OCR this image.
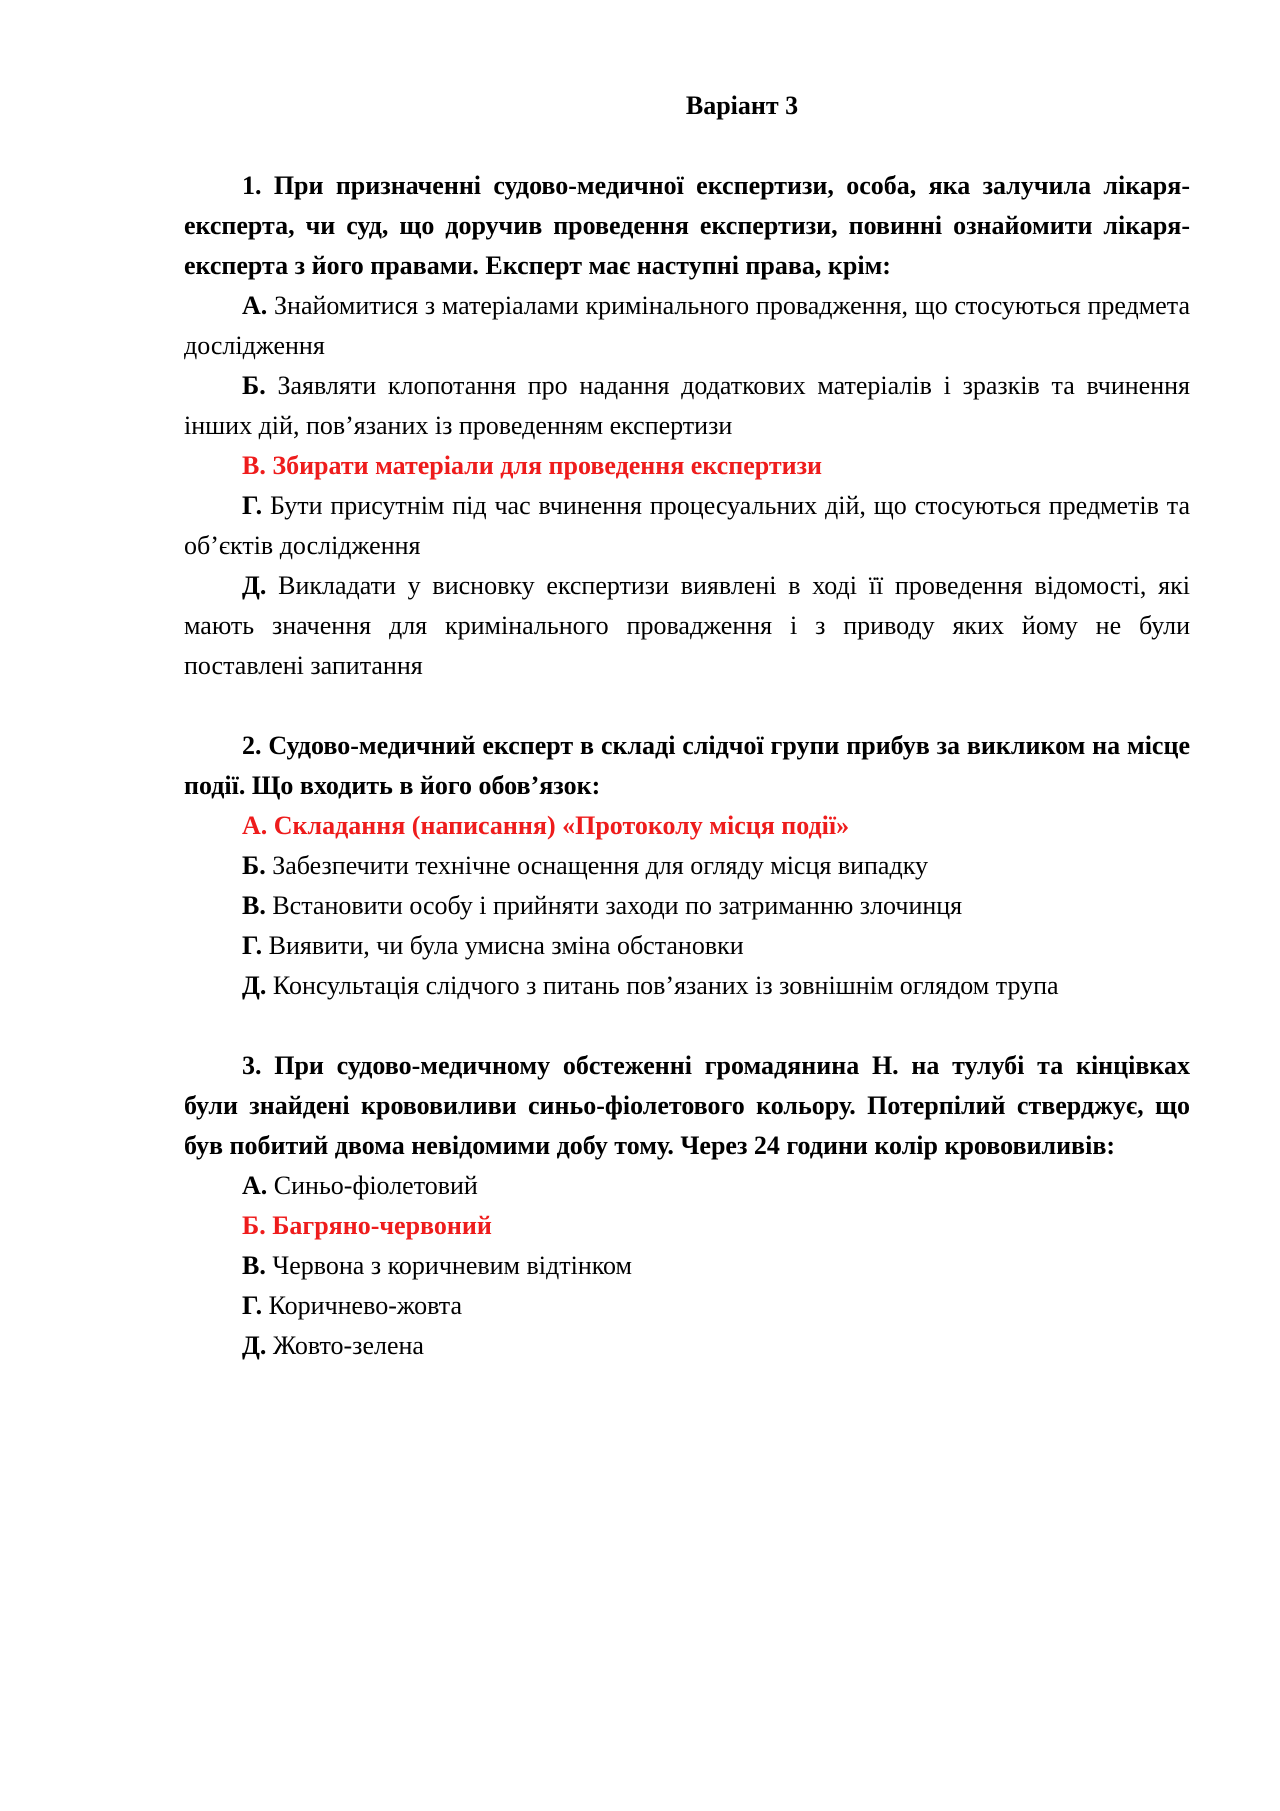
Варіант 3

1. При призначенні судово-медичної експертизи, особа, яка залучила лікаря-експерта, чи суд, що доручив проведення експертизи, повинні ознайомити лікаря-експерта з його правами. Експерт має наступні права, крім:

А. Знайомитися з матеріалами кримінального провадження, що стосуються предмета дослідження

Б. Заявляти клопотання про надання додаткових матеріалів і зразків та вчинення інших дій, пов’язаних із проведенням експертизи

В. Збирати матеріали для проведення експертизи

Г. Бути присутнім під час вчинення процесуальних дій, що стосуються предметів та об’єктів дослідження

Д. Викладати у висновку експертизи виявлені в ході її проведення відомості, які мають значення для кримінального провадження і з приводу яких йому не були поставлені запитання

2. Судово-медичний експерт в складі слідчої групи прибув за викликом на місце події. Що входить в його обов’язок:

А. Складання (написання) «Протоколу місця події»

Б. Забезпечити технічне оснащення для огляду місця випадку

В. Встановити особу і прийняти заходи по затриманню злочинця

Г. Виявити, чи була умисна зміна обстановки

Д. Консультація слідчого з питань пов’язаних із зовнішнім оглядом трупа

3. При судово-медичному обстеженні громадянина Н. на тулубі та кінцівках були знайдені крововиливи синьо-фіолетового кольору. Потерпілий стверджує, що був побитий двома невідомими добу тому. Через 24 години колір крововиливів:

А. Синьо-фіолетовий

Б. Багряно-червоний

В. Червона з коричневим відтінком

Г. Коричнево-жовта

Д. Жовто-зелена
